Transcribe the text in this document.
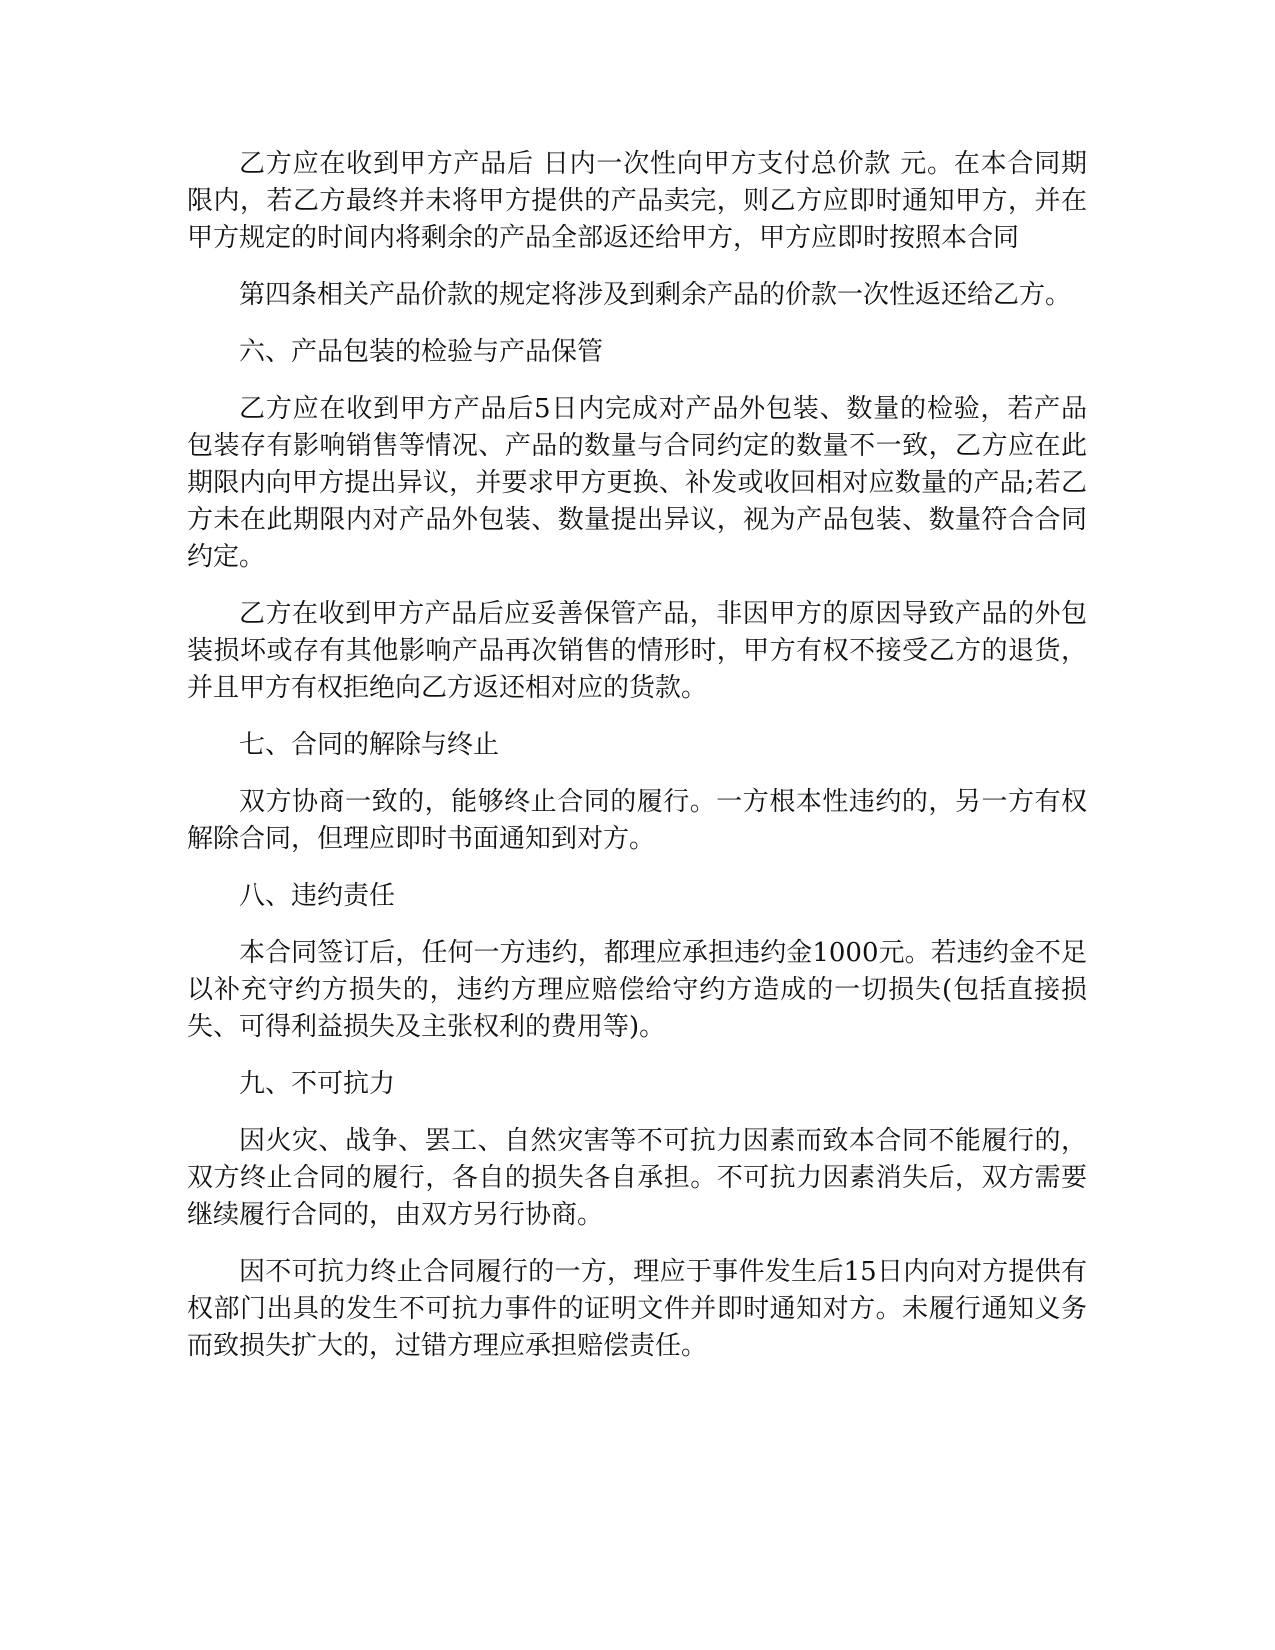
乙方应在收到甲方产品后 日内一次性向甲方支付总价款 元。在本合同期限内，若乙方最终并未将甲方提供的产品卖完，则乙方应即时通知甲方，并在甲方规定的时间内将剩余的产品全部返还给甲方，甲方应即时按照本合同

第四条相关产品价款的规定将涉及到剩余产品的价款一次性返还给乙方。

六、产品包装的检验与产品保管

乙方应在收到甲方产品后5日内完成对产品外包装、数量的检验，若产品包装存有影响销售等情况、产品的数量与合同约定的数量不一致，乙方应在此期限内向甲方提出异议，并要求甲方更换、补发或收回相对应数量的产品;若乙方未在此期限内对产品外包装、数量提出异议，视为产品包装、数量符合合同约定。

乙方在收到甲方产品后应妥善保管产品，非因甲方的原因导致产品的外包装损坏或存有其他影响产品再次销售的情形时，甲方有权不接受乙方的退货，并且甲方有权拒绝向乙方返还相对应的货款。

七、合同的解除与终止

双方协商一致的，能够终止合同的履行。一方根本性违约的，另一方有权解除合同，但理应即时书面通知到对方。

八、违约责任

本合同签订后，任何一方违约，都理应承担违约金1000元。若违约金不足以补充守约方损失的，违约方理应赔偿给守约方造成的一切损失(包括直接损失、可得利益损失及主张权利的费用等)。

九、不可抗力

因火灾、战争、罢工、自然灾害等不可抗力因素而致本合同不能履行的，双方终止合同的履行，各自的损失各自承担。不可抗力因素消失后，双方需要继续履行合同的，由双方另行协商。

因不可抗力终止合同履行的一方，理应于事件发生后15日内向对方提供有权部门出具的发生不可抗力事件的证明文件并即时通知对方。未履行通知义务而致损失扩大的，过错方理应承担赔偿责任。
